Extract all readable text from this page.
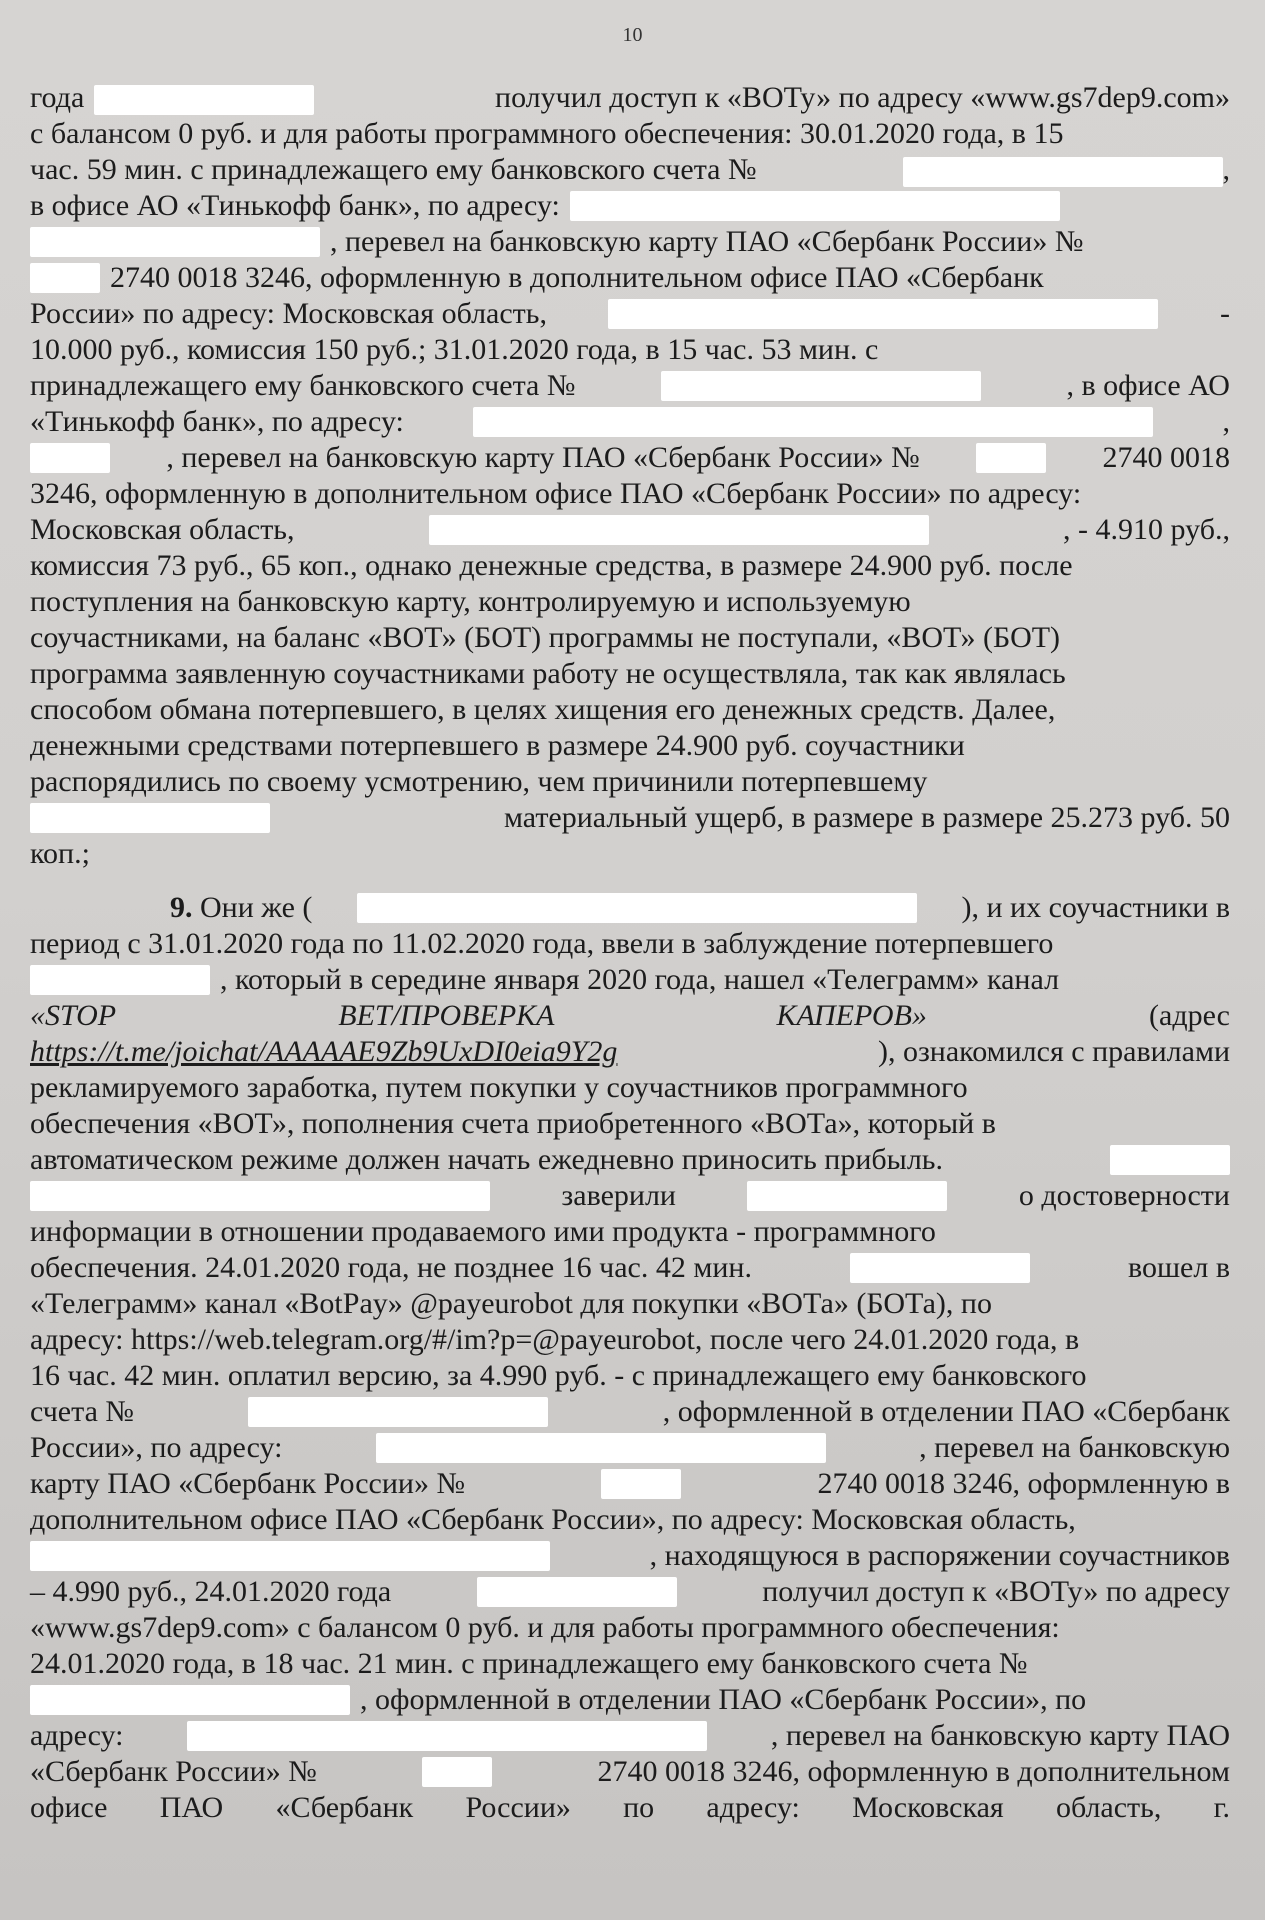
10
года	получил доступ к «ВОТу» по адресу «www.gs7dep9.com»
с балансом 0 руб. и для работы программного обеспечения: 30.01.2020 года, в 15
час. 59 мин. с принадлежащего ему банковского счета №	,
в офисе АО «Тинькофф банк», по адресу:
, перевел на банковскую карту ПАО «Сбербанк России» №
2740 0018 3246, оформленную в дополнительном офисе ПАО «Сбербанк
России» по адресу: Московская область,	-
10.000 руб., комиссия 150 руб.; 31.01.2020 года, в 15 час. 53 мин. с
принадлежащего ему банковского счета №	, в офисе АО
«Тинькофф банк», по адресу:	,
, перевел на банковскую карту ПАО «Сбербанк России» №	2740 0018
3246, оформленную в дополнительном офисе ПАО «Сбербанк России» по адресу:
Московская область,	, - 4.910 руб.,
комиссия 73 руб., 65 коп., однако денежные средства, в размере 24.900 руб. после
поступления на банковскую карту, контролируемую и используемую
соучастниками, на баланс «ВОТ» (БОТ) программы не поступали, «ВОТ» (БОТ)
программа заявленную соучастниками работу не осуществляла, так как являлась
способом обмана потерпевшего, в целях хищения его денежных средств. Далее,
денежными средствами потерпевшего в размере 24.900 руб. соучастники
распорядились по своему усмотрению, чем причинили потерпевшему
материальный ущерб, в размере в размере 25.273 руб. 50
коп.;
9. Они же (	), и их соучастники в
период с 31.01.2020 года по 11.02.2020 года, ввели в заблуждение потерпевшего
, который в середине января 2020 года, нашел «Телеграмм» канал
«STOP	BET/ПРОВЕРКА	КАПЕРОВ»	(адрес
https://t.me/joichat/AAAAAE9Zb9UxDI0eia9Y2g	), ознакомился с правилами
рекламируемого заработка, путем покупки у соучастников программного
обеспечения «ВОТ», пополнения счета приобретенного «ВОТа», который в
автоматическом режиме должен начать ежедневно приносить прибыль.
заверили	о достоверности
информации в отношении продаваемого ими продукта - программного
обеспечения. 24.01.2020 года, не позднее 16 час. 42 мин.	вошел в
«Телеграмм» канал «BotPay» @payeurobot для покупки «ВОТа» (БОТа), по
адресу: https://web.telegram.org/#/im?p=@payeurobot, после чего 24.01.2020 года, в
16 час. 42 мин. оплатил версию, за 4.990 руб. - с принадлежащего ему банковского
счета №	, оформленной в отделении ПАО «Сбербанк
России», по адресу:	, перевел на банковскую
карту ПАО «Сбербанк России» №	2740 0018 3246, оформленную в
дополнительном офисе ПАО «Сбербанк России», по адресу: Московская область,
, находящуюся в распоряжении соучастников
– 4.990 руб., 24.01.2020 года	получил доступ к «ВОТу» по адресу
«www.gs7dep9.com» с балансом 0 руб. и для работы программного обеспечения:
24.01.2020 года, в 18 час. 21 мин. с принадлежащего ему банковского счета №
, оформленной в отделении ПАО «Сбербанк России», по
адресу:	, перевел на банковскую карту ПАО
«Сбербанк России» №	2740 0018 3246, оформленную в дополнительном
офисе ПАО «Сбербанк России» по адресу: Московская область, г.
